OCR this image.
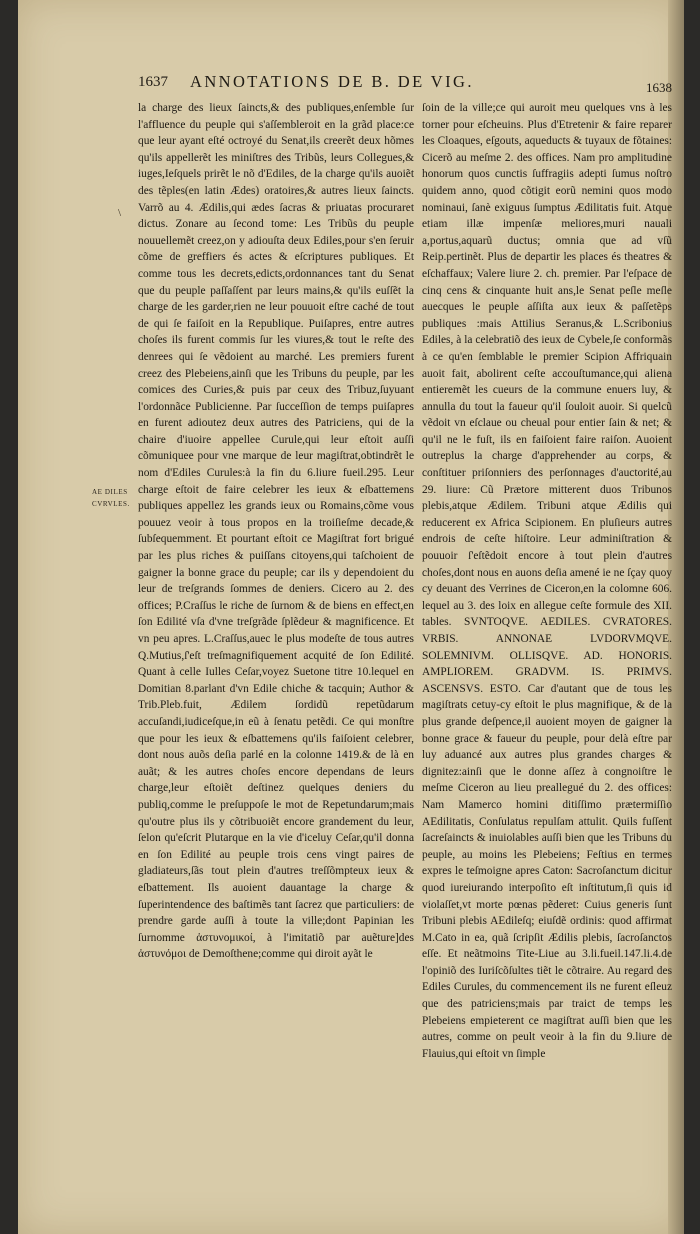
1637 ANNOTATIONS DE B. DE VIG.	1638
\
AE DILES
CVRVLES.

la charge des lieux ſaincts,& des publiques,enſemble ſur l'affluence du peuple qui s'aſſembleroit en la grãd place:ce que leur ayant eſté octroyé du Senat,ils creerẽt deux hõmes qu'ils appellerẽt les miniſtres des Tribũs, leurs Collegues,& iuges,Ieſquels prirẽt le nõ d'Ediles, de la charge qu'ils auoiẽt des tẽples(en latin Ædes) oratoires,& autres lieux ſaincts. Varrõ au 4. Ædilis,qui ædes ſacras & priuatas procuraret dictus. Zonare au ſecond tome: Les Tribũs du peuple nouuellemẽt creez,on y adiouſta deux Ediles,pour s'en ſeruir cõme de greffiers és actes & eſcriptures publiques. Et comme tous les decrets,edicts,ordonnances tant du Senat que du peuple paſſaſſent par leurs mains,& qu'ils euſſẽt la charge de les garder,rien ne leur pouuoit eſtre caché de tout de qui ſe faiſoit en la Republique. Puiſapres, entre autres choſes ils furent commis ſur les viures,& tout le reſte des denrees qui ſe vẽdoient au marché. Les premiers furent creez des Plebeiens,ainſi que les Tribuns du peuple, par les comices des Curies,& puis par ceux des Tribuz,ſuyuant l'ordonnãce Publicienne. Par ſucceſſion de temps puiſapres en furent adioutez deux autres des Patriciens, qui de la chaire d'iuoire appellee Curule,qui leur eſtoit auſſi cõmuniquee pour vne marque de leur magiſtrat,obtindrẽt le nom d'Ediles Curules:à la fin du 6.liure fueil.295. Leur charge eſtoit de faire celebrer les ieux & eſbattemens publiques appellez les grands ieux ou Romains,cõme vous pouuez veoir à tous propos en la troiſieſme decade,& ſubſequemment. Et pourtant eſtoit ce Magiſtrat fort brigué par les plus riches & puiſſans citoyens,qui taſchoient de gaigner la bonne grace du peuple; car ils y dependoient du leur de treſgrands ſommes de deniers. Cicero au 2. des offices; P.Craſſus le riche de ſurnom & de biens en effect,en ſon Edilité vſa d'vne treſgrãde ſplẽdeur & magnificence. Et vn peu apres. L.Craſſus,auec le plus modeſte de tous autres Q.Mutius,ſ'eſt treſmagnifiquement acquité de ſon Edilité. Quant à celle Iulles Ceſar,voyez Suetone titre 10.lequel en Domitian 8.parlant d'vn Edile chiche & tacquin; Author & Trib.Pleb.fuit, Ædilem ſordidũ repetũdarum accuſandi,iudiceſque,in eũ à ſenatu petẽdi. Ce qui monſtre que pour les ieux & eſbattemens qu'ils faiſoient celebrer, dont nous auõs deſia parlé en la colonne 1419.& de là en auãt; & les autres choſes encore dependans de leurs charge,leur eſtoiẽt deſtinez quelques deniers du publiq,comme le preſuppoſe le mot de Repetundarum;mais qu'outre plus ils y cõtribuoiẽt encore grandement du leur, ſelon qu'eſcrit Plutarque en la vie d'iceluy Ceſar,qu'il donna en ſon Edilité au peuple trois cens vingt paires de gladiateurs,ſãs tout plein d'autres treſſõmpteux ieux & eſbattement. Ils auoient dauantage la charge & ſuperintendence des baſtimẽs tant ſacrez que particuliers: de prendre garde auſſi à toute la ville;dont Papinian les ſurnomme ἀστυνομικοί, à l'imitatiõ par auẽture]des ἀστυνόμοι de Demoſthene;comme qui diroit ayãt le

ſoin de la ville;ce qui auroit meu quelques vns à les torner pour eſcheuins. Plus d'Etretenir & faire reparer les Cloaques, eſgouts, aqueducts & tuyaux de fõtaines: Cicerõ au meſme 2. des offices. Nam pro amplitudine honorum quos cunctis ſuffragiis adepti ſumus noſtro quidem anno, quod cõtigit eorũ nemini quos modo nominaui, ſanè exiguus ſumptus Ædilitatis fuit. Atque etiam illæ impenſæ meliores,muri nauali a,portus,aquarũ ductus; omnia que ad vſũ Reip.pertinẽt. Plus de departir les places és theatres & eſchaffaux; Valere liure 2. ch. premier. Par l'eſpace de cinq cens & cinquante huit ans,le Senat peſle meſle auecques le peuple aſſiſta aux ieux & paſſetẽps publiques :mais Attilius Seranus,& L.Scribonius Ediles, à la celebratiõ des ieux de Cybele,ſe conformãs à ce qu'en ſemblable le premier Scipion Affriquain auoit fait, abolirent ceſte accouſtumance,qui aliena entieremẽt les cueurs de la commune enuers luy, & annulla du tout la faueur qu'il ſouloit auoir. Si quelcũ vẽdoit vn eſclaue ou cheual pour entier ſain & net; & qu'il ne le fuſt, ils en faiſoient faire raiſon. Auoient outreplus la charge d'apprehender au corps, & conſtituer priſonniers des perſonnages d'auctorité,au 29. liure: Cũ Prætore mitterent duos Tribunos plebis,atque Ædilem. Tribuni atque Ædilis qui reducerent ex Africa Scipionem. En pluſieurs autres endrois de ceſte hiſtoire. Leur adminiſtration & pouuoir ſ'eſtẽdoit encore à tout plein d'autres choſes,dont nous en auons deſia amené ie ne ſçay quoy cy deuant des Verrines de Ciceron,en la colomne 606. lequel au 3. des loix en allegue ceſte formule des XII. tables. SVNTOQVE. AEDILES. CVRATORES. VRBIS. ANNONAE LVDORVMQVE. SOLEMNIVM. OLLISQVE. AD. HONORIS. AMPLIOREM. GRADVM. IS. PRIMVS. ASCENSVS. ESTO. Car d'autant que de tous les magiſtrats cetuy-cy eſtoit le plus magnifique, & de la plus grande deſpence,il auoient moyen de gaigner la bonne grace & faueur du peuple, pour delà eſtre par luy aduancé aux autres plus grandes charges & dignitez:ainſi que le donne aſſez à congnoiſtre le meſme Ciceron au lieu preallegué du 2. des offices: Nam Mamerco homini ditiſſimo prætermiſſio AEdilitatis, Conſulatus repulſam attulit. Quils fuſſent ſacreſaincts & inuiolables auſſi bien que les Tribuns du peuple, au moins les Plebeiens; Feſtius en termes expres le teſmoigne apres Caton: Sacroſanctum dicitur quod iureiurando interpoſito eſt inſtitutum,ſi quis id violaſſet,vt morte pœnas pẽderet: Cuius generis ſunt Tribuni plebis AEdileſq; eiuſdẽ ordinis: quod affirmat M.Cato in ea, quã ſcripſit Ædilis plebis, ſacroſanctos eſſe. Et neãtmoins Tite-Liue au 3.li.fueil.147.li.4.de l'opiniõ des Iuriſcõſultes tiẽt le cõtraire. Au regard des Ediles Curules, du commencement ils ne furent eſleuz que des patriciens;mais par traict de temps les Plebeiens empieterent ce magiſtrat auſſi bien que les autres, comme on peult veoir à la fin du 9.liure de Flauius,qui eſtoit vn ſimple
